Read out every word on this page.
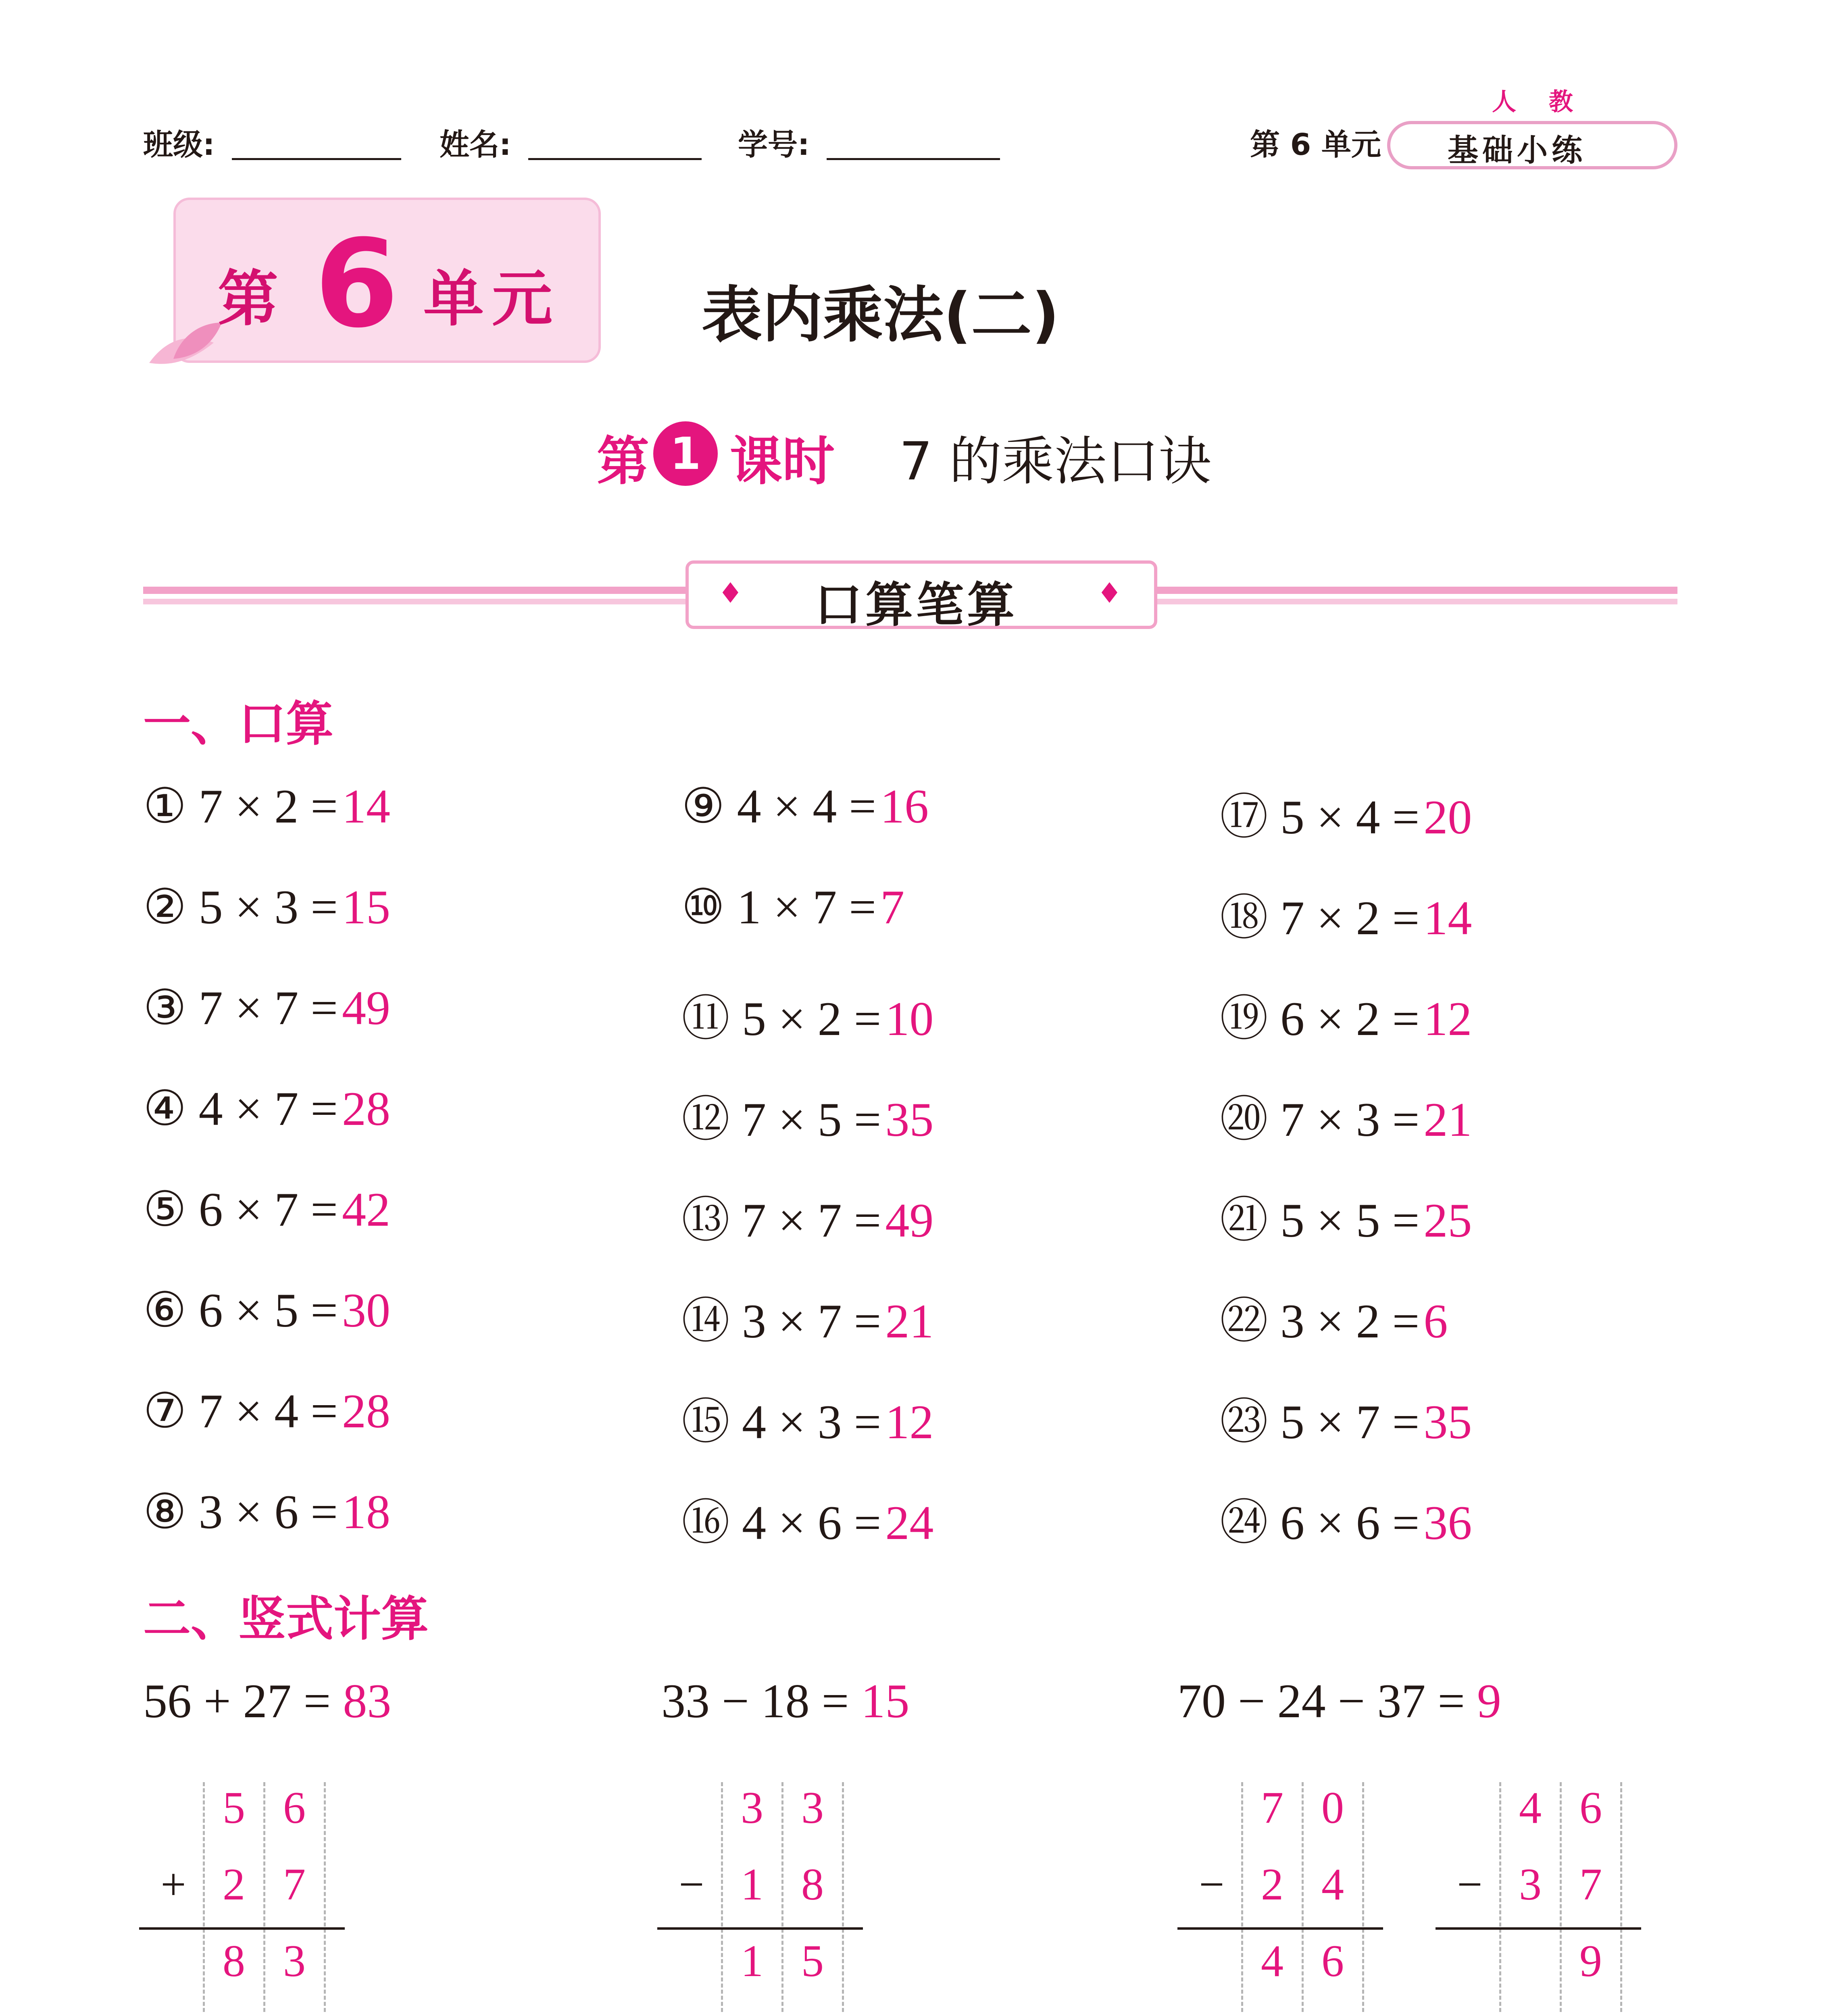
班级:	姓名:	学号:	第 6 单元
人 教
基础小练
第 6 单元 表内乘法(二)
第 1 课时 7 的乘法口诀
♦	♦
口算笔算
一、口算
① 7 × 2 =14
② 5 × 3 =15
③ 7 × 7 =49
④ 4 × 7 =28
⑤ 6 × 7 =42
⑥ 6 × 5 =30
⑦ 7 × 4 =28
⑧ 3 × 6 =18
⑨ 4 × 4 =16
⑩ 1 × 7 =7
⑪ 5 × 2 =10
⑫ 7 × 5 =35
⑬ 7 × 7 =49
⑭ 3 × 7 =21
⑮ 4 × 3 =12
⑯ 4 × 6 =24
⑰ 5 × 4 =20
⑱ 7 × 2 =14
⑲ 6 × 2 =12
⑳ 7 × 3 =21
㉑ 5 × 5 =25
㉒ 3 × 2 =6
㉓ 5 × 7 =35
㉔ 6 × 6 =36
二、竖式计算
56 + 27 = 83	33 − 18 = 15	70 − 24 − 37 = 9
5 6
+ 2 7
8 3
3 3
− 1 8
1 5
7 0
− 2 4
4 6
4 6
− 3 7
9
